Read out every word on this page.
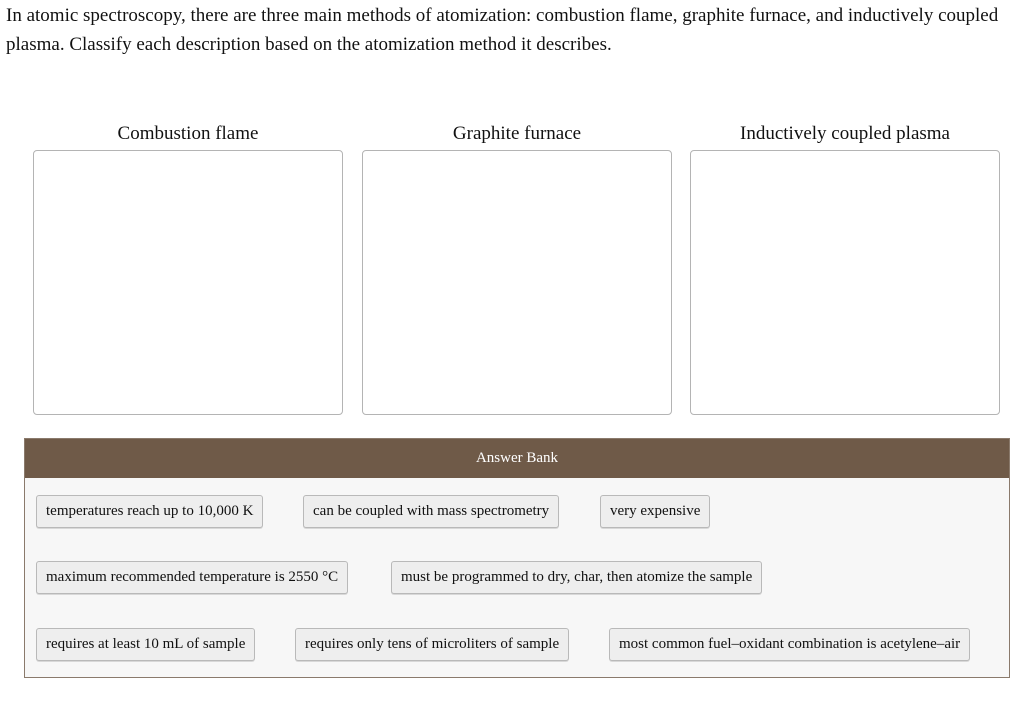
In atomic spectroscopy, there are three main methods of atomization: combustion flame, graphite furnace, and inductively coupled plasma. Classify each description based on the atomization method it describes.
Combustion flame	Graphite furnace	Inductively coupled plasma
Answer Bank
temperatures reach up to 10,000 K	can be coupled with mass spectrometry	very expensive
maximum recommended temperature is 2550 °C	must be programmed to dry, char, then atomize the sample
requires at least 10 mL of sample	requires only tens of microliters of sample	most common fuel–oxidant combination is acetylene–air
